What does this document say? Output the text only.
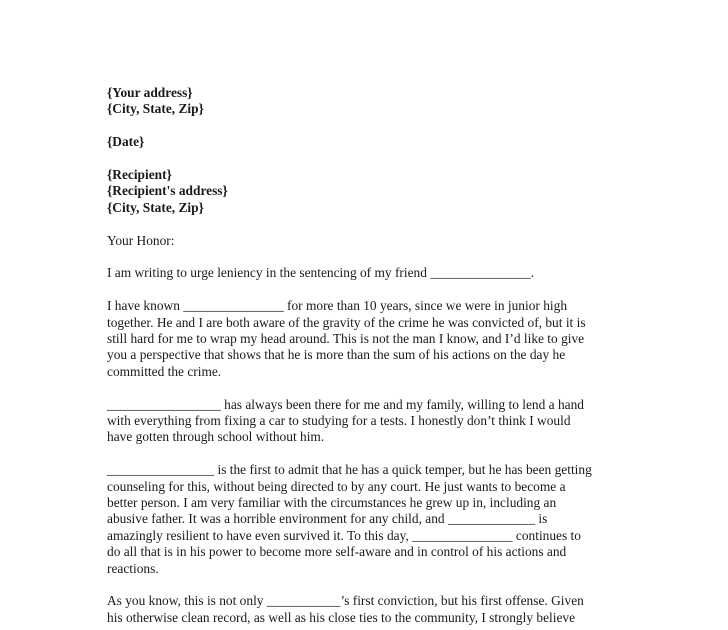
{Your address}
{City, State, Zip}
{Date}
{Recipient}
{Recipient's address}
{City, State, Zip}
Your Honor:
I am writing to urge leniency in the sentencing of my friend _______________.
I have known _______________ for more than 10 years, since we were in junior high
together. He and I are both aware of the gravity of the crime he was convicted of, but it is
still hard for me to wrap my head around. This is not the man I know, and I’d like to give
you a perspective that shows that he is more than the sum of his actions on the day he
committed the crime.
_________________ has always been there for me and my family, willing to lend a hand
with everything from fixing a car to studying for a tests. I honestly don’t think I would
have gotten through school without him.
________________ is the first to admit that he has a quick temper, but he has been getting
counseling for this, without being directed to by any court. He just wants to become a
better person. I am very familiar with the circumstances he grew up in, including an
abusive father. It was a horrible environment for any child, and _____________ is
amazingly resilient to have even survived it. To this day, _______________ continues to
do all that is in his power to become more self-aware and in control of his actions and
reactions.
As you know, this is not only ___________’s first conviction, but his first offense. Given
his otherwise clean record, as well as his close ties to the community, I strongly believe
